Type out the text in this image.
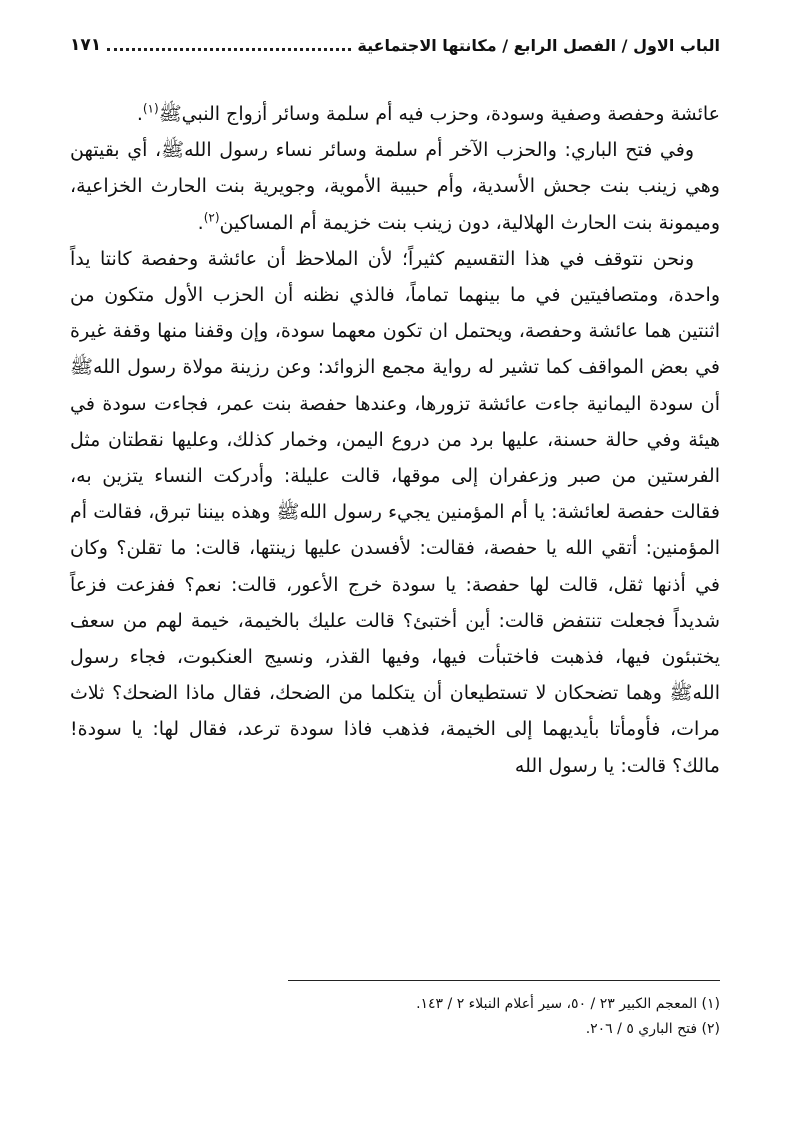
الباب الاول / الفصل الرابع / مكانتها الاجتماعية
١٧١

عائشة وحفصة وصفية وسودة، وحزب فيه أم سلمة وسائر أزواج النبيﷺ$^{(١)}$.

وفي فتح الباري: والحزب الآخر أم سلمة وسائر نساء رسول اللهﷺ، أي بقيتهن وهي زينب بنت جحش الأسدية، وأم حبيبة الأموية، وجويرية بنت الحارث الخزاعية، وميمونة بنت الحارث الهلالية، دون زينب بنت خزيمة أم المساكين$^{(٢)}$.

ونحن نتوقف في هذا التقسيم كثيراً؛ لأن الملاحظ أن عائشة وحفصة كانتا يداً واحدة، ومتصافيتين في ما بينهما تماماً، فالذي نظنه أن الحزب الأول متكون من اثنتين هما عائشة وحفصة، ويحتمل ان تكون معهما سودة، وإن وقفنا منها وقفة غيرة في بعض المواقف كما تشير له رواية مجمع الزوائد: وعن رزينة مولاة رسول اللهﷺ أن سودة اليمانية جاءت عائشة تزورها، وعندها حفصة بنت عمر، فجاءت سودة في هيئة وفي حالة حسنة، عليها برد من دروع اليمن، وخمار كذلك، وعليها نقطتان مثل الفرستين من صبر وزعفران إلى موقها، قالت عليلة: وأدركت النساء يتزين به، فقالت حفصة لعائشة: يا أم المؤمنين يجيء رسول اللهﷺ وهذه بيننا تبرق، فقالت أم المؤمنين: أتقي الله يا حفصة، فقالت: لأفسدن عليها زينتها، قالت: ما تقلن؟ وكان في أذنها ثقل، قالت لها حفصة: يا سودة خرج الأعور، قالت: نعم؟ ففزعت فزعاً شديداً فجعلت تنتفض قالت: أين أختبئ؟ قالت عليك بالخيمة، خيمة لهم من سعف يختبئون فيها، فذهبت فاختبأت فيها، وفيها القذر، ونسيج العنكبوت، فجاء رسول اللهﷺ وهما تضحكان لا تستطيعان أن يتكلما من الضحك، فقال ماذا الضحك؟ ثلاث مرات، فأومأتا بأيديهما إلى الخيمة، فذهب فاذا سودة ترعد، فقال لها: يا سودة! مالك؟ قالت: يا رسول الله

(١) المعجم الكبير ٢٣ / ٥٠، سير أعلام النبلاء ٢ / ١٤٣.

(٢) فتح الباري ٥ / ٢٠٦.
